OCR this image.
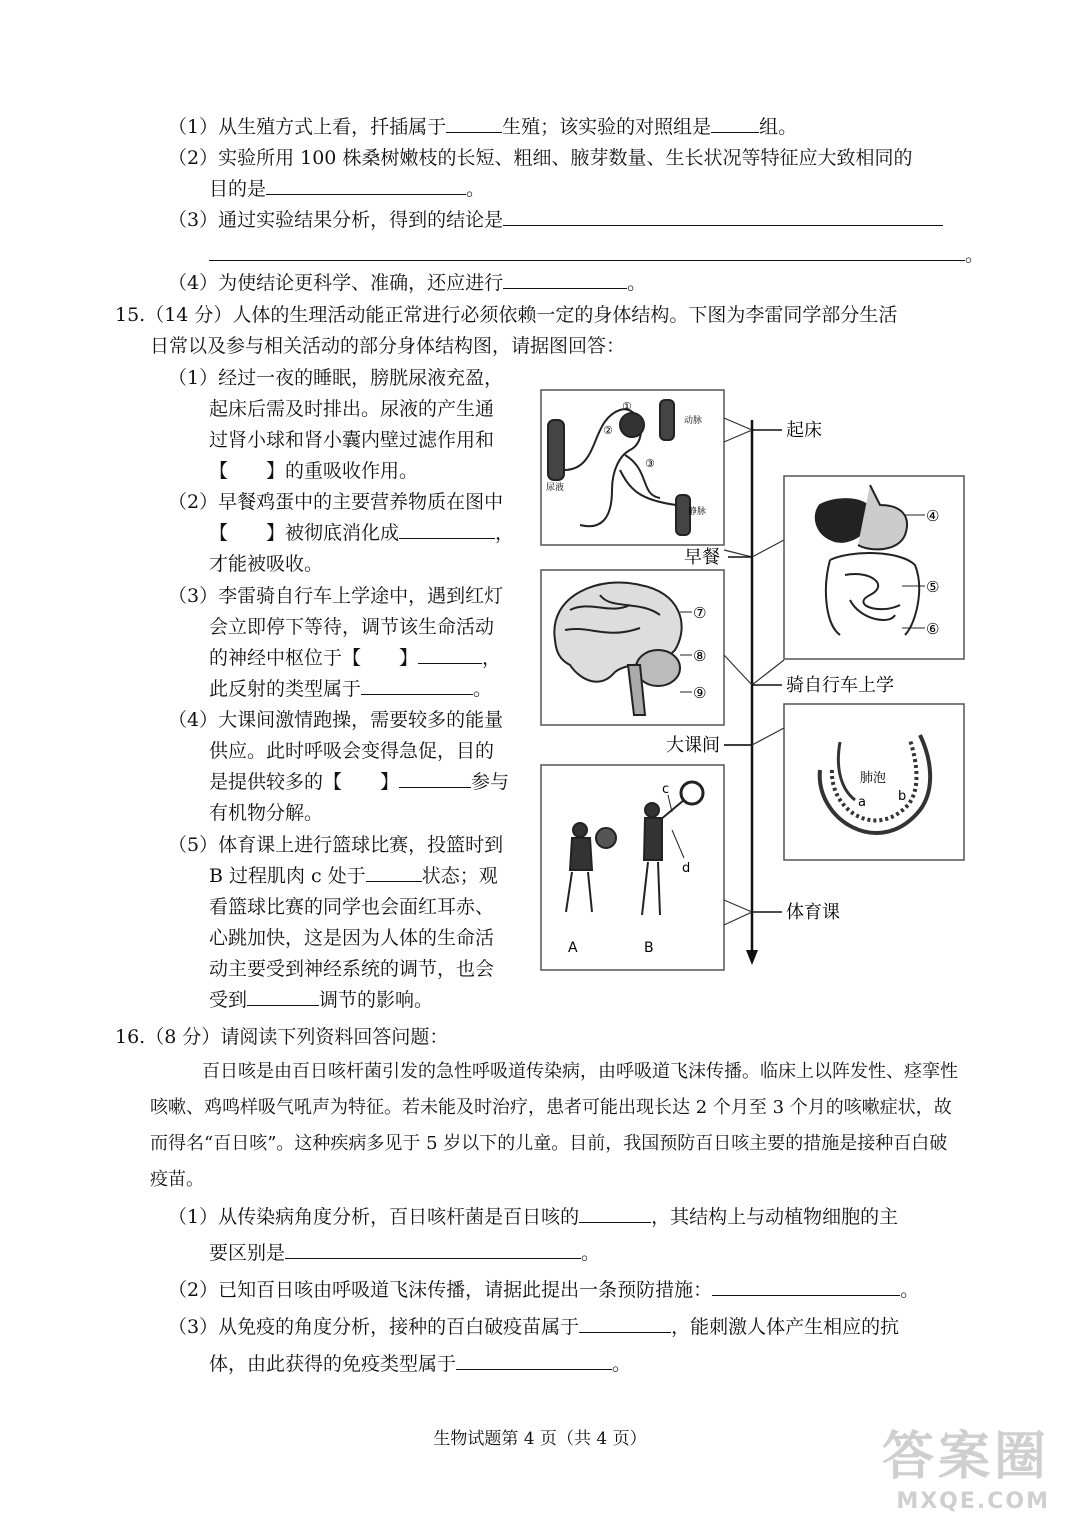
（1）从生殖方式上看，扦插属于	生殖；该实验的对照组是	组。
（2）实验所用 100 株桑树嫩枝的长短、粗细、腋芽数量、生长状况等特征应大致相同的
目的是	。
（3）通过实验结果分析，得到的结论是
。
（4）为使结论更科学、准确，还应进行	。
15.（14 分）人体的生理活动能正常进行必须依赖一定的身体结构。下图为李雷同学部分生活
日常以及参与相关活动的部分身体结构图，请据图回答：
（1）经过一夜的睡眠，膀胱尿液充盈，
起床后需及时排出。尿液的产生通
过肾小球和肾小囊内壁过滤作用和
【　　】的重吸收作用。
（2）早餐鸡蛋中的主要营养物质在图中
【　　】被彻底消化成	，
才能被吸收。
（3）李雷骑自行车上学途中，遇到红灯
会立即停下等待，调节该生命活动
的神经中枢位于【　　】	，
此反射的类型属于	。
（4）大课间激情跑操，需要较多的能量
供应。此时呼吸会变得急促，目的
是提供较多的【　　】	参与
有机物分解。
（5）体育课上进行篮球比赛，投篮时到
B 过程肌肉 c 处于	状态；观
看篮球比赛的同学也会面红耳赤、
心跳加快，这是因为人体的生命活
动主要受到神经系统的调节，也会
受到	调节的影响。
②
①
③
动脉
静脉
尿液
⑦
⑧
⑨
c
d
A	B
④
⑤
⑥
肺泡
a b
起床
早餐
骑自行车上学
大课间
体育课
16.（8 分）请阅读下列资料回答问题：
百日咳是由百日咳杆菌引发的急性呼吸道传染病，由呼吸道飞沫传播。临床上以阵发性、痉挛性咳嗽、鸡鸣样吸气吼声为特征。若未能及时治疗，患者可能出现长达 2 个月至 3 个月的咳嗽症状，故而得名“百日咳”。这种疾病多见于 5 岁以下的儿童。目前，我国预防百日咳主要的措施是接种百白破疫苗。
（1）从传染病角度分析，百日咳杆菌是百日咳的	，其结构上与动植物细胞的主
要区别是	。
（2）已知百日咳由呼吸道飞沫传播，请据此提出一条预防措施：	。
（3）从免疫的角度分析，接种的百白破疫苗属于	，能刺激人体产生相应的抗
体，由此获得的免疫类型属于	。
生物试题第 4 页（共 4 页）	答案圈
MXQE.COM
